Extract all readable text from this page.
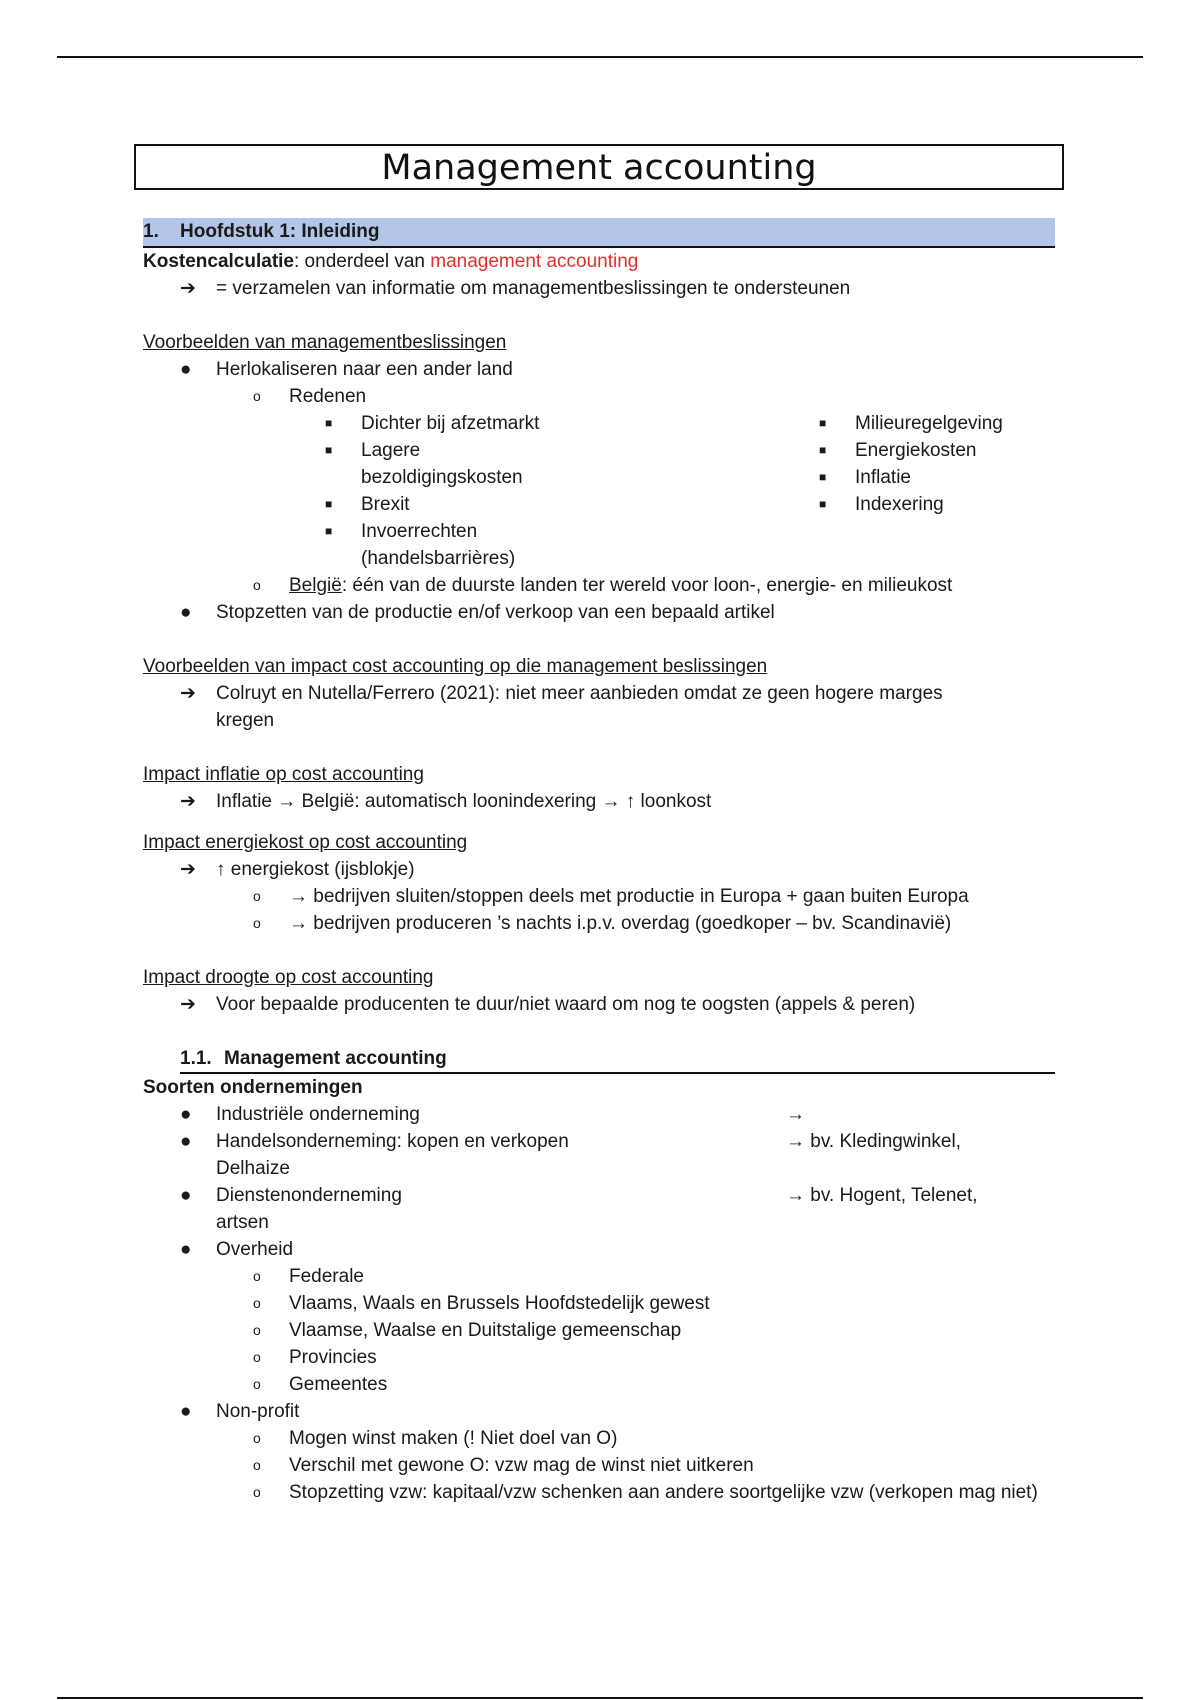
Management accounting
1. Hoofdstuk 1: Inleiding
Kostencalculatie: onderdeel van management accounting
➔ = verzamelen van informatie om managementbeslissingen te ondersteunen
Voorbeelden van managementbeslissingen
● Herlokaliseren naar een ander land
o Redenen
■ Dichter bij afzetmarkt
■ Lagere
bezoldigingskosten
■ Brexit
■ Invoerrechten
(handelsbarrières)
■ Milieuregelgeving
■ Energiekosten
■ Inflatie
■ Indexering
o België: één van de duurste landen ter wereld voor loon-, energie- en milieukost
● Stopzetten van de productie en/of verkoop van een bepaald artikel
Voorbeelden van impact cost accounting op die management beslissingen
➔ Colruyt en Nutella/Ferrero (2021): niet meer aanbieden omdat ze geen hogere marges
kregen
Impact inflatie op cost accounting
➔ Inflatie → België: automatisch loonindexering → ↑ loonkost
Impact energiekost op cost accounting
➔ ↑ energiekost (ijsblokje)
o → bedrijven sluiten/stoppen deels met productie in Europa + gaan buiten Europa
o → bedrijven produceren ’s nachts i.p.v. overdag (goedkoper – bv. Scandinavië)
Impact droogte op cost accounting
➔ Voor bepaalde producenten te duur/niet waard om nog te oogsten (appels & peren)
1.1. Management accounting
Soorten ondernemingen
● Industriële onderneming	→
● Handelsonderneming: kopen en verkopen	→ bv. Kledingwinkel,
Delhaize
● Dienstenonderneming	→ bv. Hogent, Telenet,
artsen
● Overheid
o Federale
o Vlaams, Waals en Brussels Hoofdstedelijk gewest
o Vlaamse, Waalse en Duitstalige gemeenschap
o Provincies
o Gemeentes
● Non-profit
o Mogen winst maken (! Niet doel van O)
o Verschil met gewone O: vzw mag de winst niet uitkeren
o Stopzetting vzw: kapitaal/vzw schenken aan andere soortgelijke vzw (verkopen mag niet)
